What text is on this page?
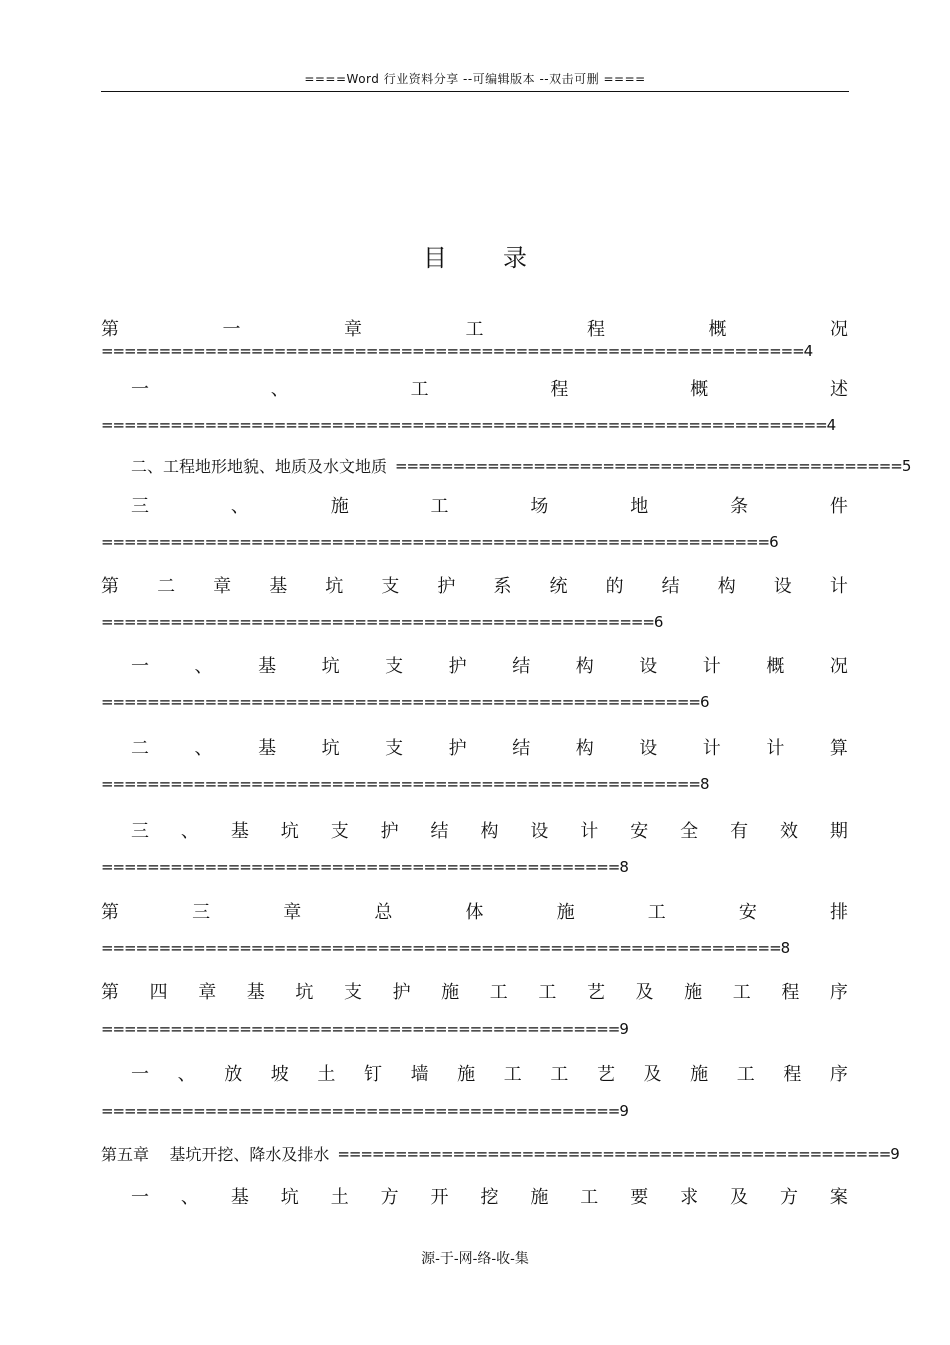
====Word 行业资料分享 --可编辑版本 --双击可删 ====
目 录
第	一	章	工	程	概	况
=============================================================4
一	、	工	程	概	述
===============================================================4
二、工程地形地貌、地质及水文地质 ============================================5
三	、	施	工	场	地	条	件
==========================================================6
第 二 章 基 坑 支 护 系 统 的 结 构 设 计
================================================6
一	、	基	坑	支	护	结	构	设	计	概	况
====================================================6
二	、	基	坑	支	护	结	构	设	计	计	算
====================================================8
三 、 基 坑 支 护 结 构 设 计 安 全 有 效 期
=============================================8
第	三	章	总	体	施	工	安	排
===========================================================8
第 四 章 基 坑 支 护 施 工 工 艺 及 施 工 程 序
=============================================9
一 、 放 坡 土 钉 墙 施 工 工 艺 及 施 工 程 序
=============================================9
第五章    基坑开挖、降水及排水 ================================================9
一 、 基 坑 土 方 开 挖 施 工 要 求 及 方 案
源-于-网-络-收-集
